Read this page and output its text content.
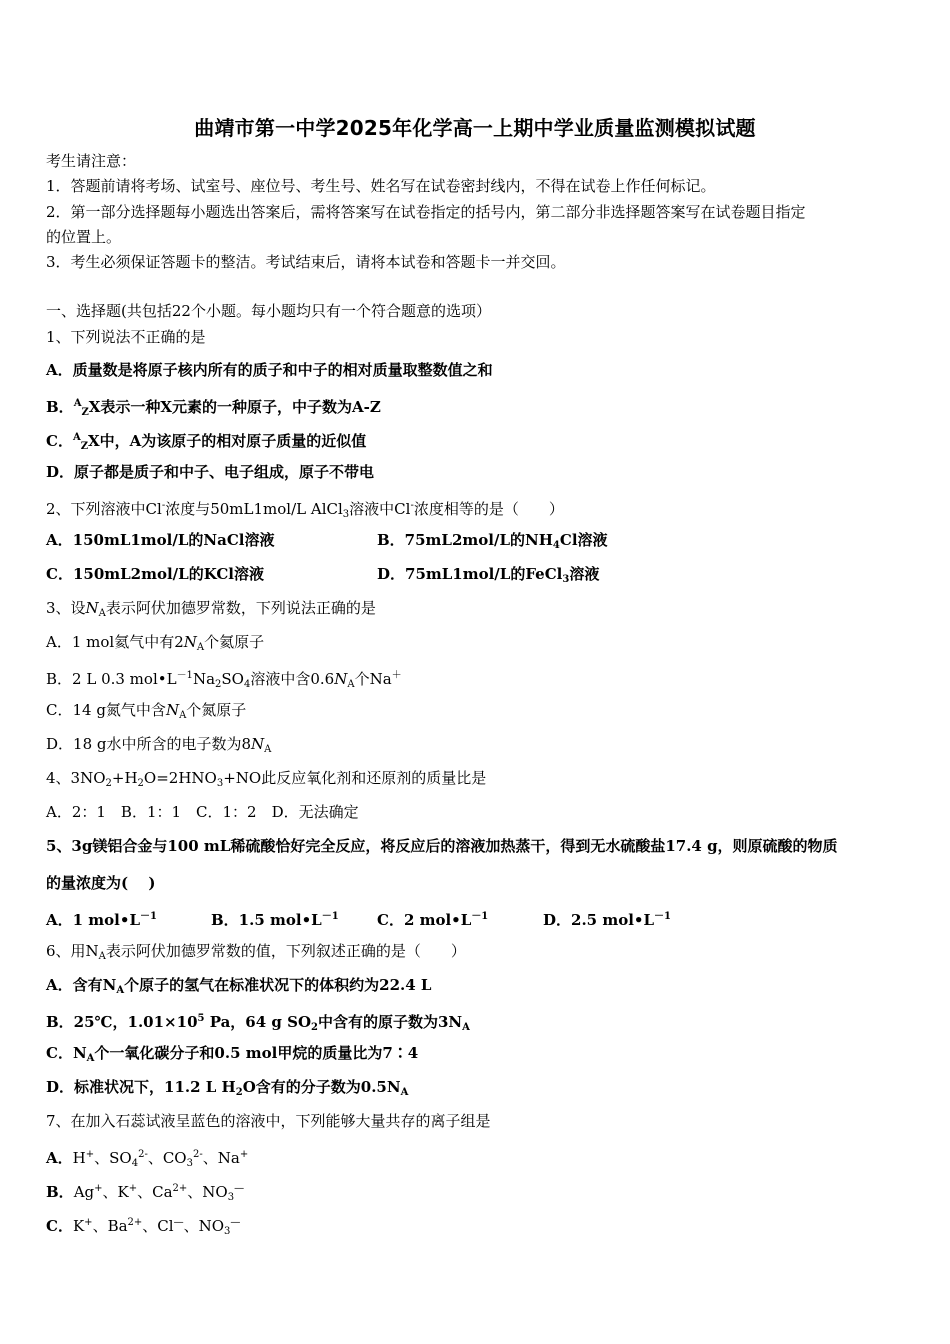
曲靖市第一中学2025年化学高一上期中学业质量监测模拟试题
考生请注意：
1．答题前请将考场、试室号、座位号、考生号、姓名写在试卷密封线内，不得在试卷上作任何标记。
2．第一部分选择题每小题选出答案后，需将答案写在试卷指定的括号内，第二部分非选择题答案写在试卷题目指定
的位置上。
3．考生必须保证答题卡的整洁。考试结束后，请将本试卷和答题卡一并交回。
一、选择题(共包括22个小题。每小题均只有一个符合题意的选项）
1、下列说法不正确的是
A．质量数是将原子核内所有的质子和中子的相对质量取整数值之和
B．$^A_Z$X表示一种X元素的一种原子，中子数为A-Z
C．$^A_Z$X中，A为该原子的相对原子质量的近似值
D．原子都是质子和中子、电子组成，原子不带电
2、下列溶液中Cl-浓度与50mL1mol/L AlCl$_3$溶液中Cl-浓度相等的是（　　）
A．150mL1mol/L的NaCl溶液	B．75mL2mol/L的$NH_4Cl$溶液
C．150mL2mol/L的KCl溶液	D．75mL1mol/L的FeCl$_3$溶液
3、设$N_A$表示阿伏加德罗常数，下列说法正确的是
A．1 mol氦气中有$2N_A$个氦原子
B．2 L 0.3 $mol•L^{-1}Na_2SO_4$溶液中含$0.6N_A$个Na＋
C．14 g氮气中含$N_A$个氮原子
D．18 g水中所含的电子数为$8N_A$
4、$3NO_2+H_2O=2HNO_3+NO$此反应氧化剂和还原剂的质量比是
A．2：1　B．1：1　C．1：2　D．无法确定
5、3g镁铝合金与100 mL稀硫酸恰好完全反应，将反应后的溶液加热蒸干，得到无水硫酸盐17.4 g，则原硫酸的物质
的量浓度为(　 )
A．1 $mol•L^{-1}$	B．1.5 $mol•L^{-1}$	C．2 $mol•L^{-1}$	D．2.5 $mol•L^{-1}$
6、用$N_A$表示阿伏加德罗常数的值，下列叙述正确的是（　　）
A．含有$N_A$个原子的氢气在标准状况下的体积约为22.4 L
B．25℃，$1.01\times 10^5$ Pa，64 g $SO_2$中含有的原子数为$3N_A$
C．$N_A$个一氧化碳分子和0.5 mol甲烷的质量比为7∶4
D．标准状况下，11.2 L $H_2O$含有的分子数为$0.5N_A$
7、在加入石蕊试液呈蓝色的溶液中，下列能够大量共存的离子组是
A．H+、$SO_4^{2-}$、$CO_3^{2-}$、Na+
B．Ag+、K+、$Ca^{2+}$、$NO_3^—$
C．K+、$Ba^{2+}$、Cl—、$NO_3^—$
